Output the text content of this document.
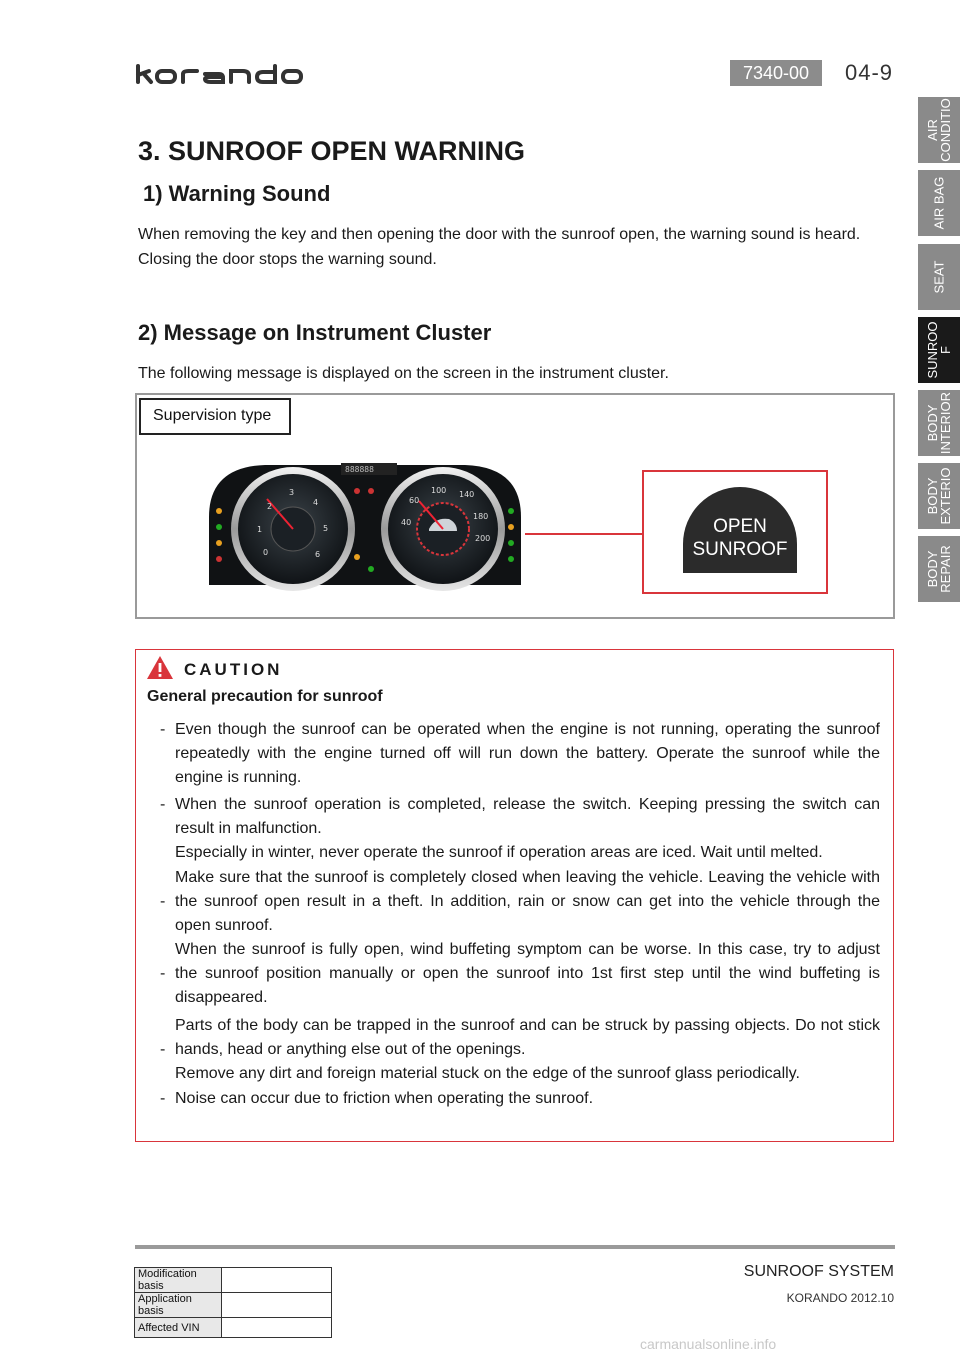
7340-00	04-9
AIR
CONDITIO
AIR BAG
SEAT
SUNROO
F
BODY
INTERIOR
BODY
EXTERIO
BODY
REPAIR
3. SUNROOF OPEN WARNING
1) Warning Sound
When removing the key and then opening the door with the sunroof open, the warning sound is heard.
Closing the door stops the warning sound.
2) Message on Instrument Cluster
The following message is displayed on the screen in the instrument cluster.
Supervision type
1
2
3
4
5
6
0
40
60
100 140
180
200
888888
OPEN
SUNROOF
CAUTION
General precaution for sunroof
- Even though the sunroof can be operated when the engine is not running, operating the sunroof
repeatedly with the engine turned off will run down the battery. Operate the sunroof while the
engine is running.
- When the sunroof operation is completed, release the switch. Keeping pressing the switch can
result in malfunction.
Especially in winter, never operate the sunroof if operation areas are iced. Wait until melted.
Make sure that the sunroof is completely closed when leaving the vehicle. Leaving the vehicle with
the sunroof open result in a theft. In addition, rain or snow can get into the vehicle through the
open sunroof.
-
When the sunroof is fully open, wind buffeting symptom can be worse. In this case, try to adjust
the sunroof position manually or open the sunroof into 1st first step until the wind buffeting is
disappeared.
-
Parts of the body can be trapped in the sunroof and can be struck by passing objects. Do not stick
hands, head or anything else out of the openings.
Remove any dirt and foreign material stuck on the edge of the sunroof glass periodically.
-
- Noise can occur due to friction when operating the sunroof.
Modification basis	
Application basis	
Affected VIN	
SUNROOF SYSTEM
KORANDO 2012.10
carmanualsonline.info
